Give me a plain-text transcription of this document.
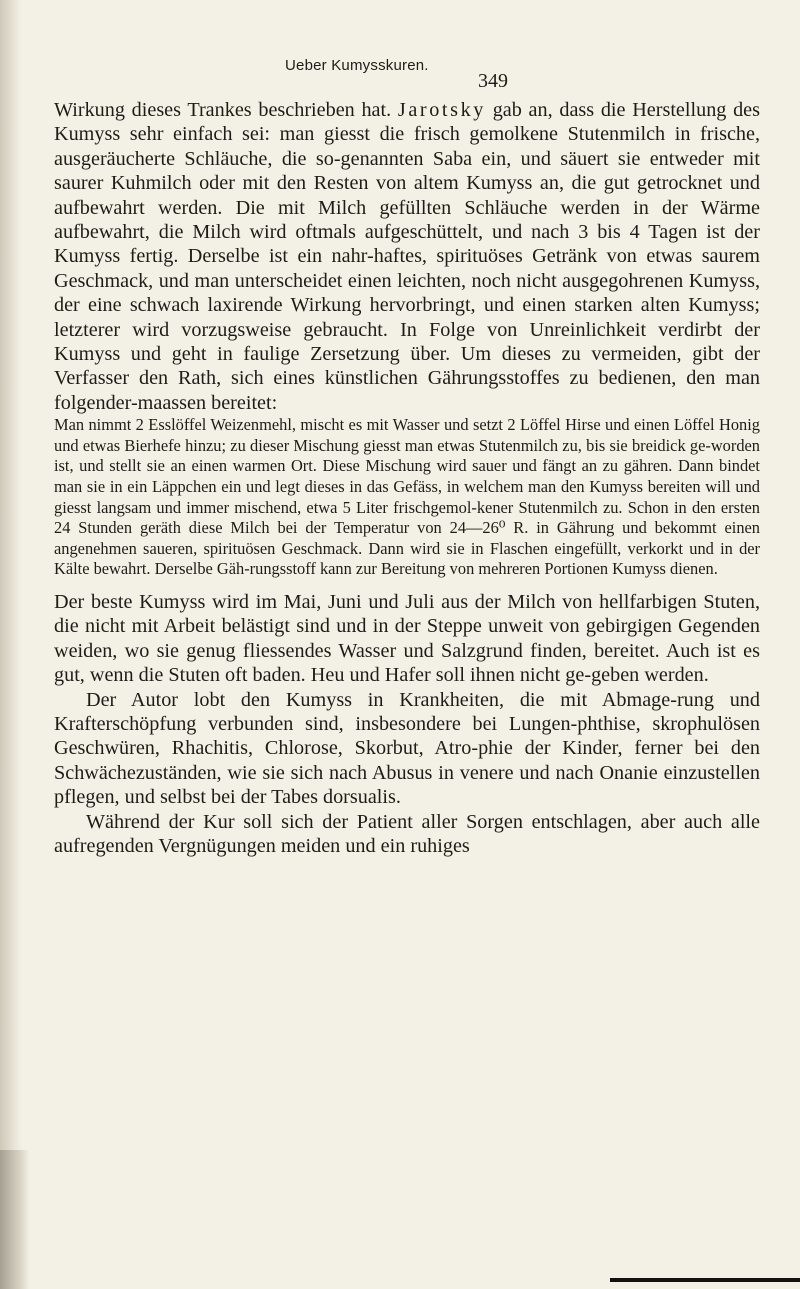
Ueber Kumysskuren.
349

Wirkung dieses Trankes beschrieben hat. Jarotsky gab an, dass die Herstellung des Kumyss sehr einfach sei: man giesst die frisch gemolkene Stutenmilch in frische, ausgeräucherte Schläuche, die so-genannten Saba ein, und säuert sie entweder mit saurer Kuhmilch oder mit den Resten von altem Kumyss an, die gut getrocknet und aufbewahrt werden. Die mit Milch gefüllten Schläuche werden in der Wärme aufbewahrt, die Milch wird oftmals aufgeschüttelt, und nach 3 bis 4 Tagen ist der Kumyss fertig. Derselbe ist ein nahr-haftes, spirituöses Getränk von etwas saurem Geschmack, und man unterscheidet einen leichten, noch nicht ausgegohrenen Kumyss, der eine schwach laxirende Wirkung hervorbringt, und einen starken alten Kumyss; letzterer wird vorzugsweise gebraucht. In Folge von Unreinlichkeit verdirbt der Kumyss und geht in faulige Zersetzung über. Um dieses zu vermeiden, gibt der Verfasser den Rath, sich eines künstlichen Gährungsstoffes zu bedienen, den man folgender-maassen bereitet:

Man nimmt 2 Esslöffel Weizenmehl, mischt es mit Wasser und setzt 2 Löffel Hirse und einen Löffel Honig und etwas Bierhefe hinzu; zu dieser Mischung giesst man etwas Stutenmilch zu, bis sie breidick ge-worden ist, und stellt sie an einen warmen Ort. Diese Mischung wird sauer und fängt an zu gähren. Dann bindet man sie in ein Läppchen ein und legt dieses in das Gefäss, in welchem man den Kumyss bereiten will und giesst langsam und immer mischend, etwa 5 Liter frischgemol-kener Stutenmilch zu. Schon in den ersten 24 Stunden geräth diese Milch bei der Temperatur von 24—26⁰ R. in Gährung und bekommt einen angenehmen saueren, spirituösen Geschmack. Dann wird sie in Flaschen eingefüllt, verkorkt und in der Kälte bewahrt. Derselbe Gäh-rungsstoff kann zur Bereitung von mehreren Portionen Kumyss dienen.

Der beste Kumyss wird im Mai, Juni und Juli aus der Milch von hellfarbigen Stuten, die nicht mit Arbeit belästigt sind und in der Steppe unweit von gebirgigen Gegenden weiden, wo sie genug fliessendes Wasser und Salzgrund finden, bereitet. Auch ist es gut, wenn die Stuten oft baden. Heu und Hafer soll ihnen nicht ge-geben werden.

Der Autor lobt den Kumyss in Krankheiten, die mit Abmage-rung und Krafterschöpfung verbunden sind, insbesondere bei Lungen-phthise, skrophulösen Geschwüren, Rhachitis, Chlorose, Skorbut, Atro-phie der Kinder, ferner bei den Schwächezuständen, wie sie sich nach Abusus in venere und nach Onanie einzustellen pflegen, und selbst bei der Tabes dorsualis.

Während der Kur soll sich der Patient aller Sorgen entschlagen, aber auch alle aufregenden Vergnügungen meiden und ein ruhiges
